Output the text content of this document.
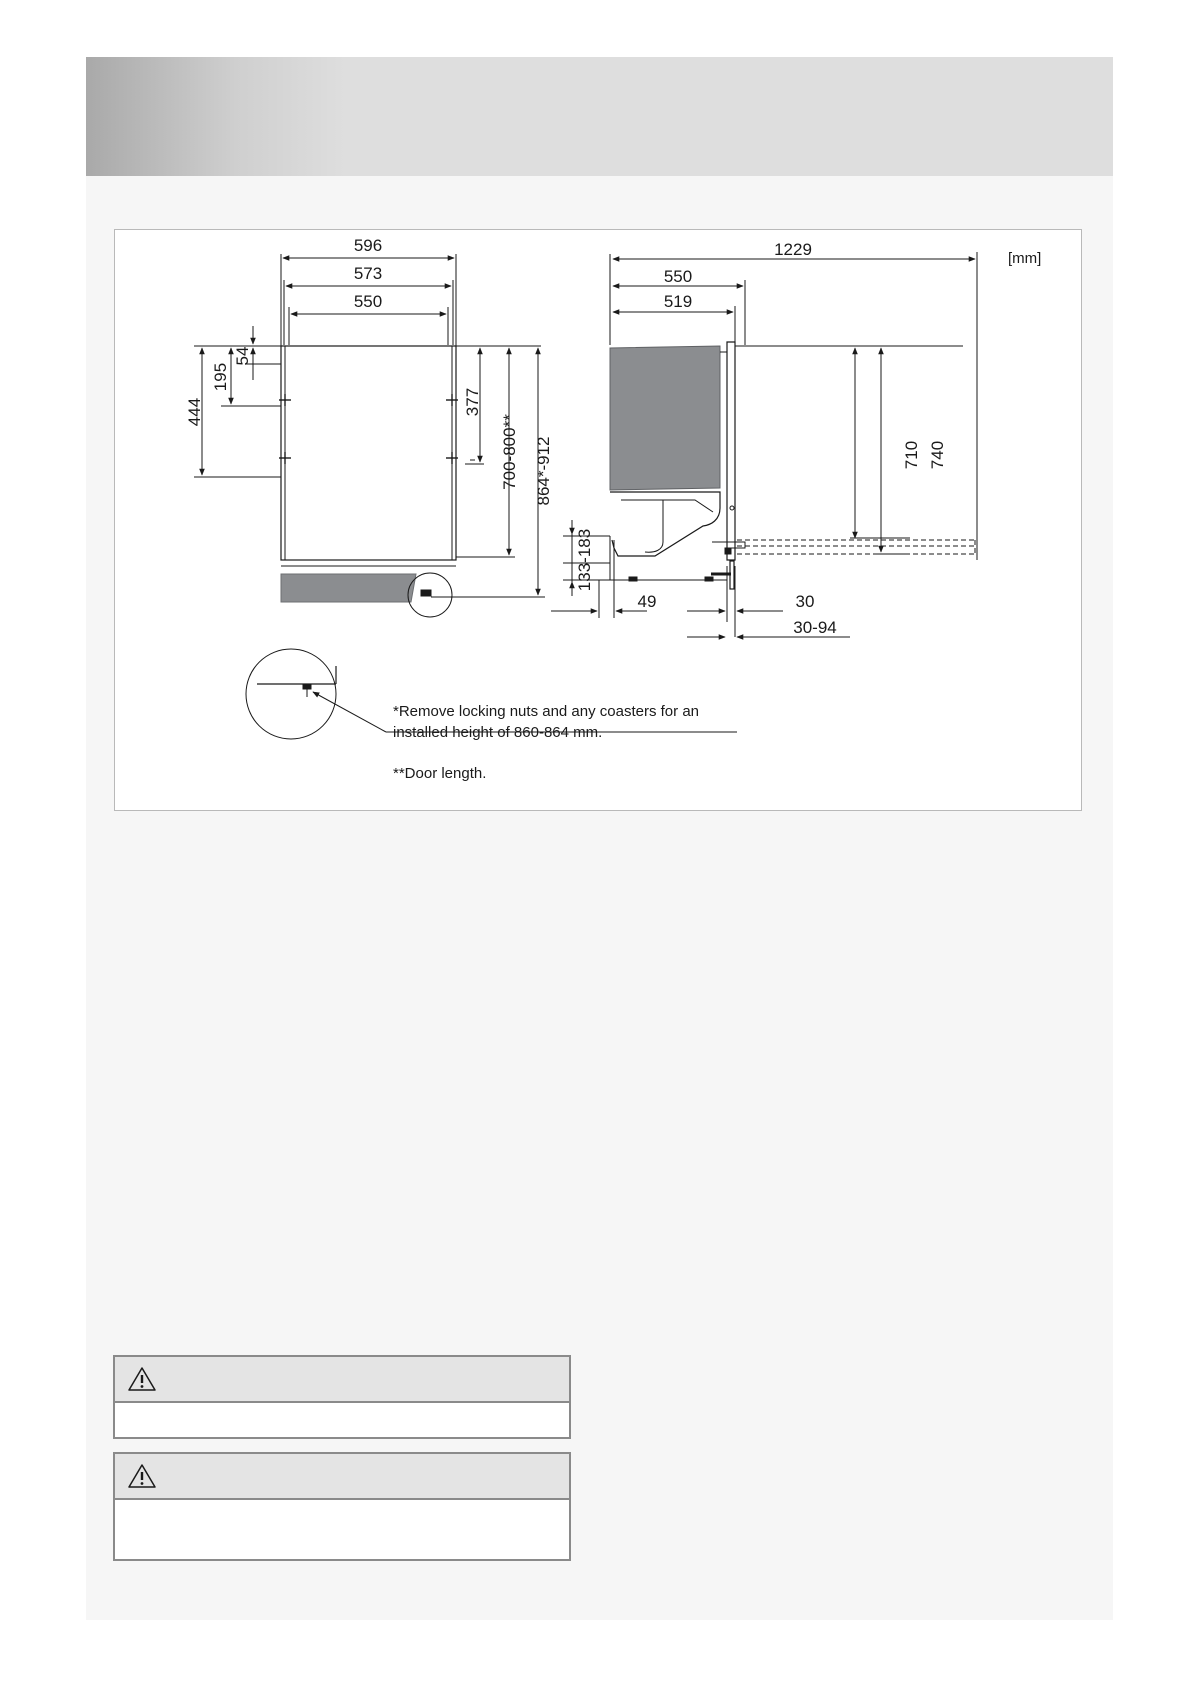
[mm]
596
573
550
444
195
54
377
700-800** 864*-912
1229
550
519
710 740
133-183
49	30
30-94
*Remove locking nuts and any coasters for an
installed height of 860-864 mm.
**Door length.
